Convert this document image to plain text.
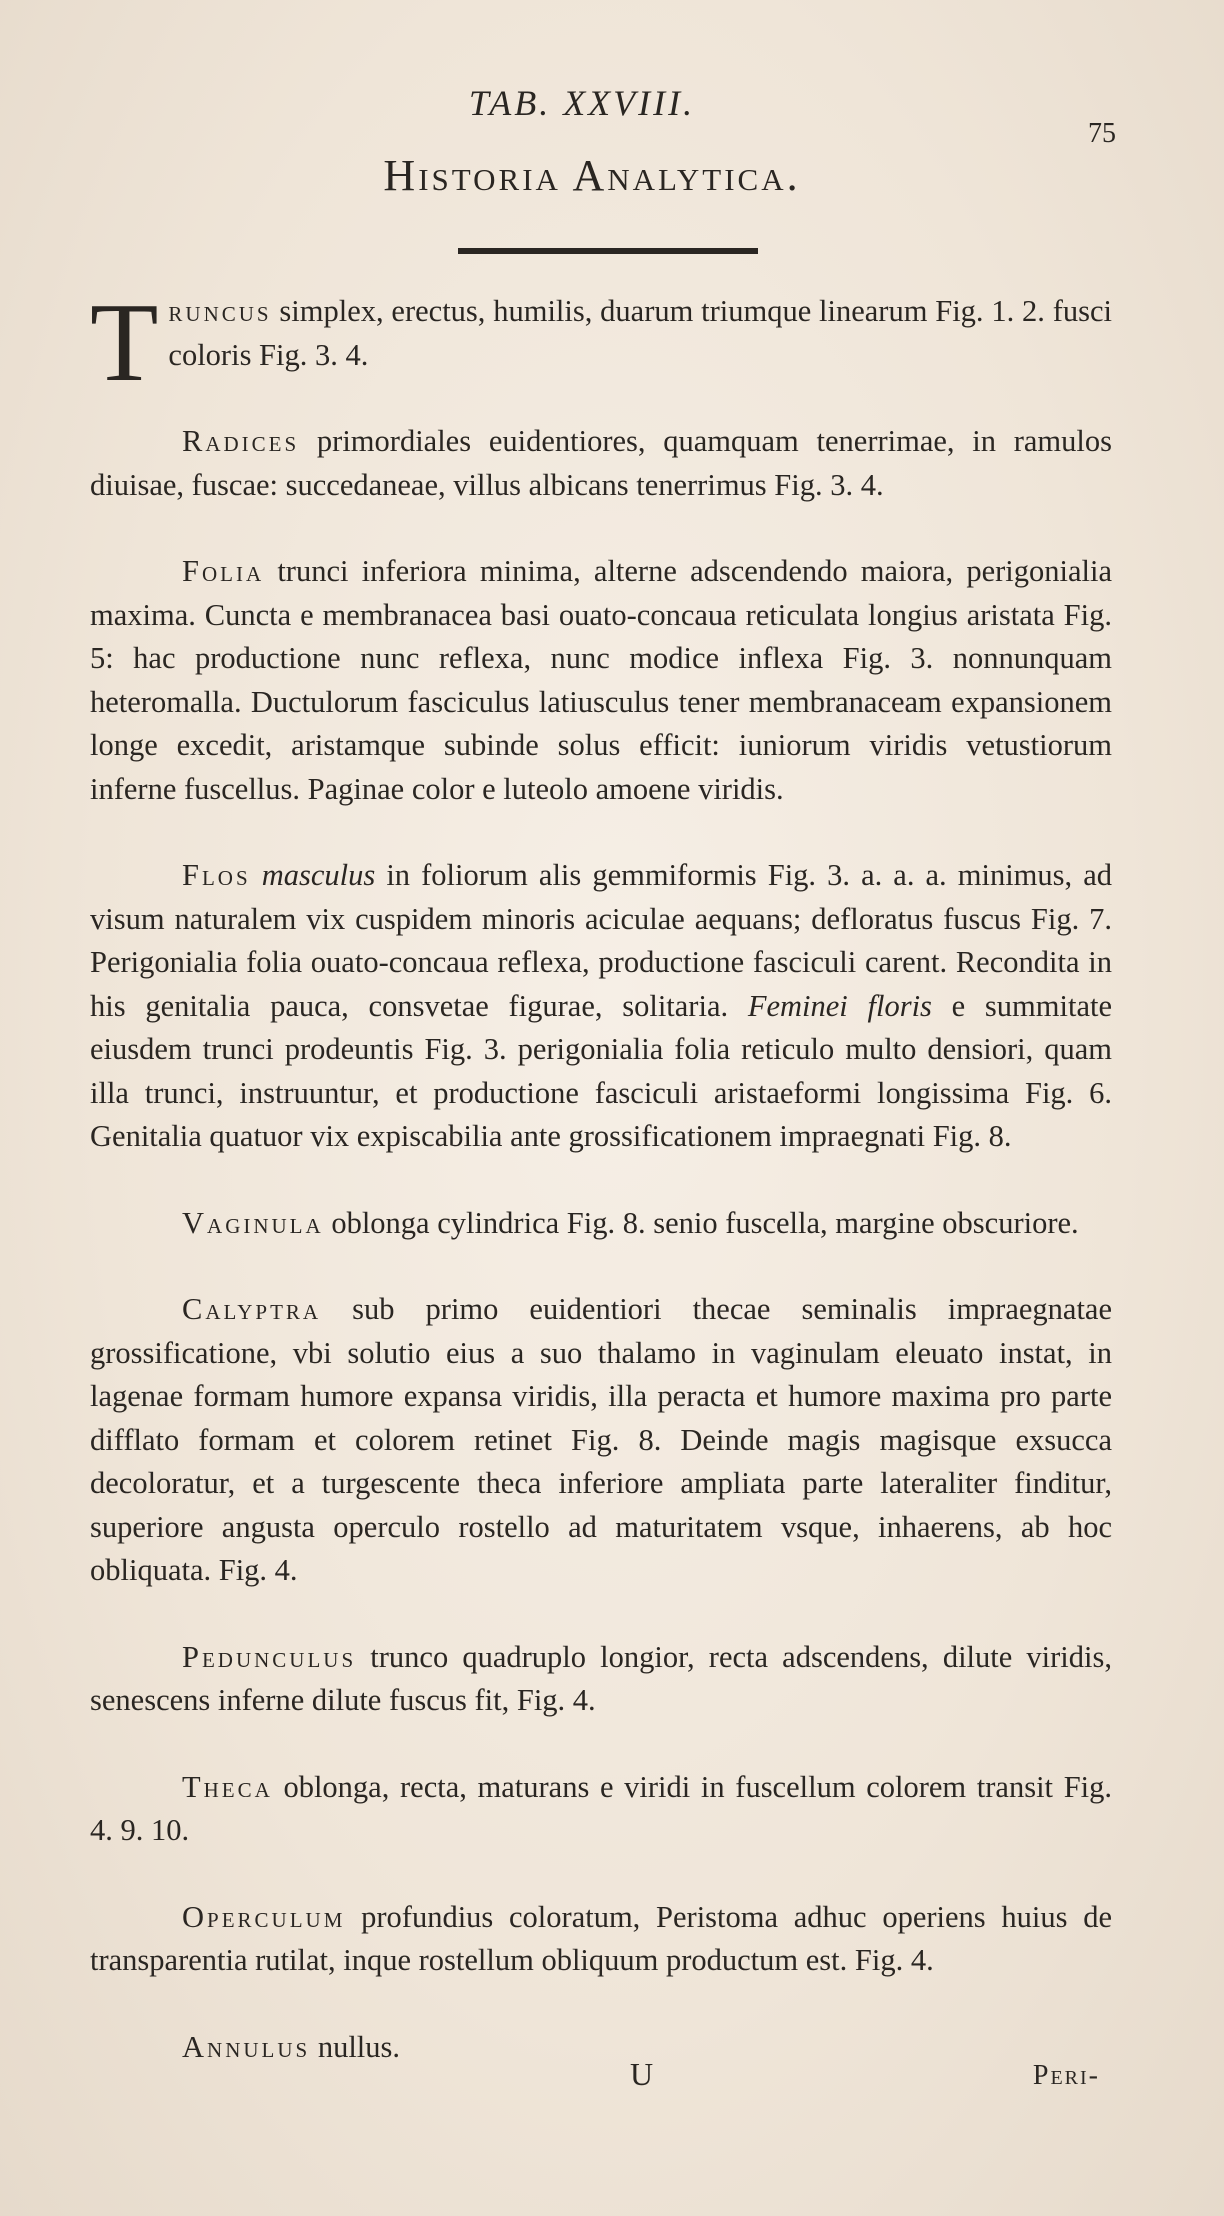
TAB. XXVIII.
75
Historia Analytica.

Truncus simplex, erectus, humilis, duarum triumque linearum Fig. 1. 2. fusci coloris Fig. 3. 4.

Radices primordiales euidentiores, quamquam tenerrimae, in ramulos diuisae, fuscae: succedaneae, villus albicans tenerrimus Fig. 3. 4.

Folia trunci inferiora minima, alterne adscendendo maiora, perigonialia maxima. Cuncta e membranacea basi ouato-concaua reticulata longius aristata Fig. 5: hac productione nunc reflexa, nunc modice inflexa Fig. 3. nonnunquam heteromalla. Ductulorum fasciculus latiusculus tener membranaceam expansionem longe excedit, aristamque subinde solus efficit: iuniorum viridis vetustiorum inferne fuscellus. Paginae color e luteolo amoene viridis.

Flos masculus in foliorum alis gemmiformis Fig. 3. a. a. a. minimus, ad visum naturalem vix cuspidem minoris aciculae aequans; defloratus fuscus Fig. 7. Perigonialia folia ouato-concaua reflexa, productione fasciculi carent. Recondita in his genitalia pauca, consvetae figurae, solitaria. Feminei floris e summitate eiusdem trunci prodeuntis Fig. 3. perigonialia folia reticulo multo densiori, quam illa trunci, instruuntur, et productione fasciculi aristaeformi longissima Fig. 6. Genitalia quatuor vix expiscabilia ante grossificationem impraegnati Fig. 8.

Vaginula oblonga cylindrica Fig. 8. senio fuscella, margine obscuriore.

Calyptra sub primo euidentiori thecae seminalis impraegnatae grossificatione, vbi solutio eius a suo thalamo in vaginulam eleuato instat, in lagenae formam humore expansa viridis, illa peracta et humore maxima pro parte difflato formam et colorem retinet Fig. 8. Deinde magis magisque exsucca decoloratur, et a turgescente theca inferiore ampliata parte lateraliter finditur, superiore angusta operculo rostello ad maturitatem vsque, inhaerens, ab hoc obliquata. Fig. 4.

Pedunculus trunco quadruplo longior, recta adscendens, dilute viridis, senescens inferne dilute fuscus fit, Fig. 4.

Theca oblonga, recta, maturans e viridi in fuscellum colorem transit Fig. 4. 9. 10.

Operculum profundius coloratum, Peristoma adhuc operiens huius de transparentia rutilat, inque rostellum obliquum productum est. Fig. 4.

Annulus nullus.

U	Peri-
